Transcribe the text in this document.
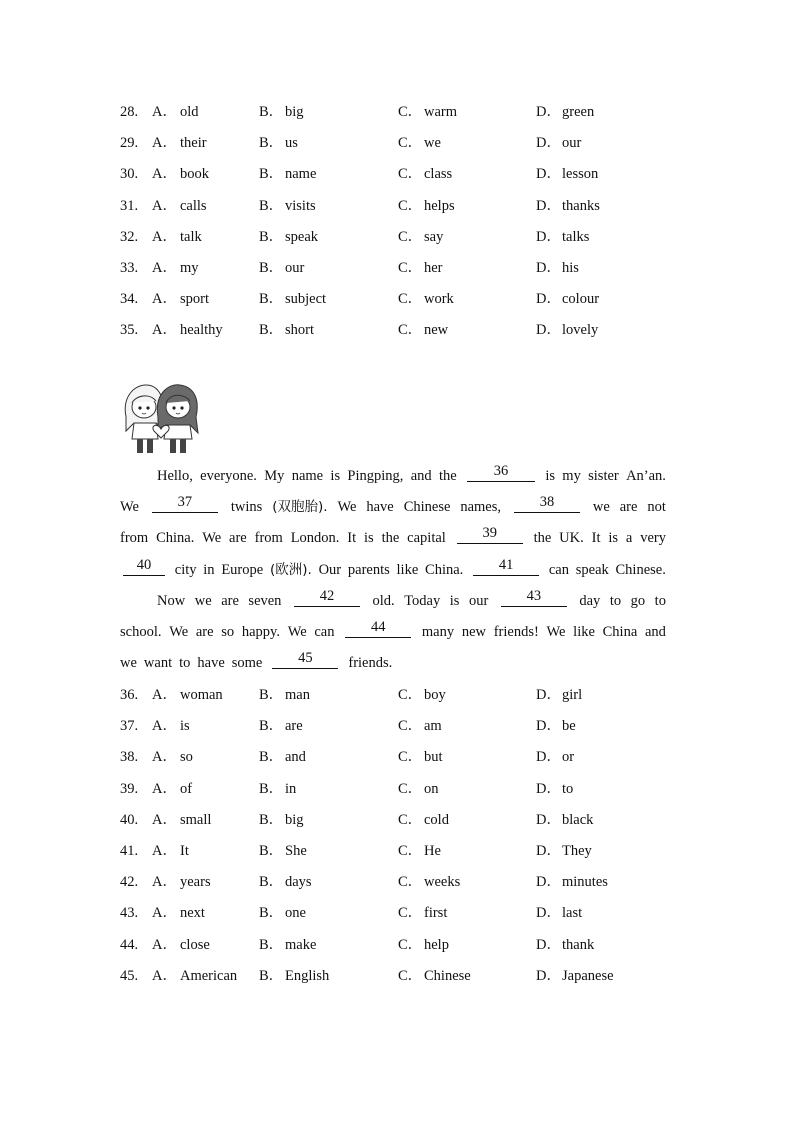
28. A． old	B． big	C． warm	D．green
29. A． their	B． us	C． we	D．our
30. A． book	B． name	C． class	D．lesson
31. A． calls	B． visits	C． helps	D．thanks
32. A． talk	B． speak	C． say	D．talks
33. A． my	B． our	C． her	D．his
34. A． sport	B． subject	C． work	D．colour
35. A． healthy	B． short	C． new	D．lovely
Hello, everyone. My name is Pingping, and the	36	is my sister An’an.
We	37	twins (双胞胎). We have Chinese names,	38	we are not
from China. We are from London. It is the capital	39	the UK. It is a very
40	city in Europe (欧洲). Our parents like China.	41	can speak Chinese.
Now we are seven	42	old. Today is our	43	day to go to
school. We are so happy. We can	44	many new friends! We like China and
we want to have some	45	friends.
36. A． woman	B． man	C． boy	D．girl
37. A． is	B． are	C． am	D．be
38. A． so	B． and	C． but	D．or
39. A． of	B． in	C． on	D．to
40. A． small	B． big	C． cold	D．black
41. A． It	B． She	C． He	D．They
42. A． years	B． days	C． weeks	D．minutes
43. A． next	B． one	C． first	D．last
44. A． close	B． make	C． help	D．thank
45. A． American B． English	C． Chinese	D．Japanese
